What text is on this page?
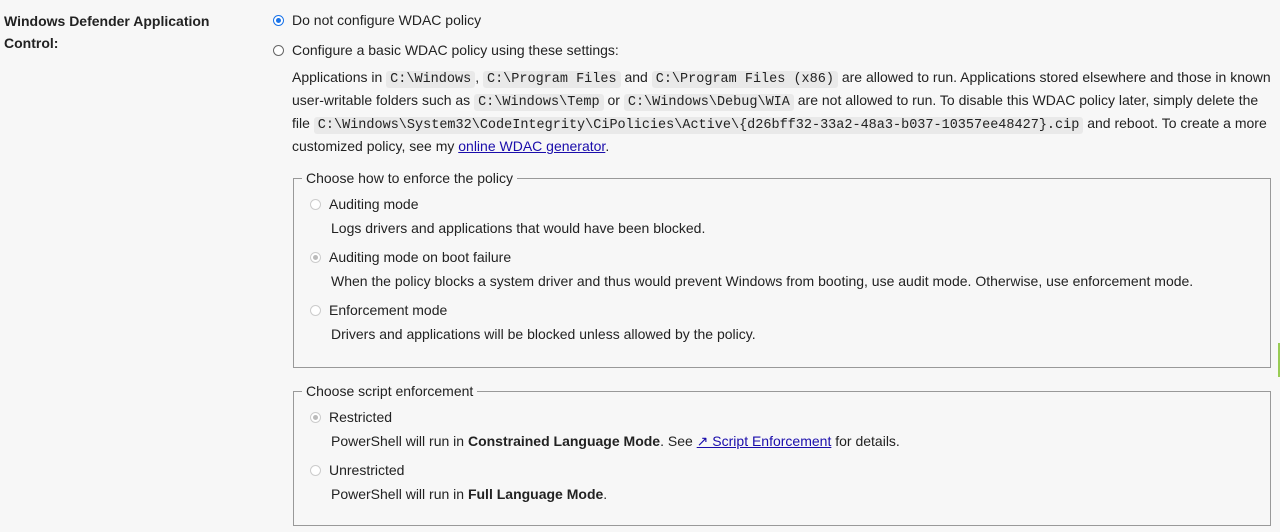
Windows Defender Application Control:
Do not configure WDAC policy
Configure a basic WDAC policy using these settings:
Applications in C:\Windows , C:\Program Files and C:\Program Files (x86) are allowed to run. Applications stored elsewhere and those in known user-writable folders such as C:\Windows\Temp or C:\Windows\Debug\WIA are not allowed to run. To disable this WDAC policy later, simply delete the file C:\Windows\System32\CodeIntegrity\CiPolicies\Active\{d26bff32-33a2-48a3-b037-10357ee48427}.cip and reboot. To create a more customized policy, see my online WDAC generator.
Choose how to enforce the policy
Auditing mode
Logs drivers and applications that would have been blocked.
Auditing mode on boot failure
When the policy blocks a system driver and thus would prevent Windows from booting, use audit mode. Otherwise, use enforcement mode.
Enforcement mode
Drivers and applications will be blocked unless allowed by the policy.
Choose script enforcement
Restricted
PowerShell will run in Constrained Language Mode. See ↗ Script Enforcement for details.
Unrestricted
PowerShell will run in Full Language Mode.
